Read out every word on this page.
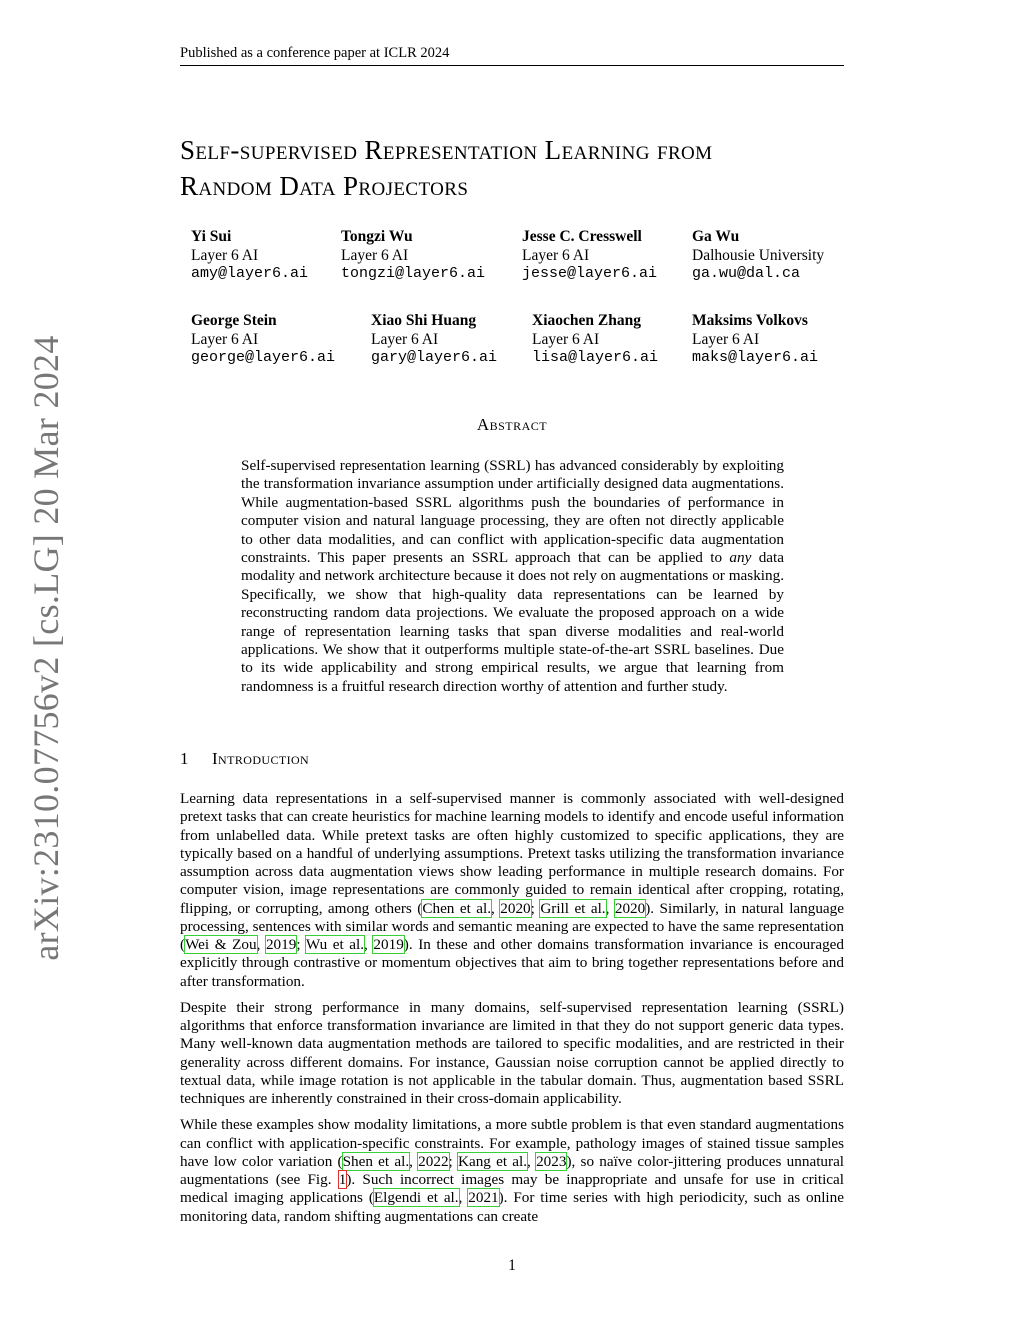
Published as a conference paper at ICLR 2024
Self-supervised Representation Learning from
Random Data Projectors
Yi Sui
Layer 6 AI
amy@layer6.ai
Tongzi Wu
Layer 6 AI
tongzi@layer6.ai
Jesse C. Cresswell
Layer 6 AI
jesse@layer6.ai
Ga Wu
Dalhousie University
ga.wu@dal.ca
George Stein
Layer 6 AI
george@layer6.ai
Xiao Shi Huang
Layer 6 AI
gary@layer6.ai
Xiaochen Zhang
Layer 6 AI
lisa@layer6.ai
Maksims Volkovs
Layer 6 AI
maks@layer6.ai
Abstract

Self-supervised representation learning (SSRL) has advanced considerably by exploiting the transformation invariance assumption under artificially designed data augmentations. While augmentation-based SSRL algorithms push the boundaries of performance in computer vision and natural language processing, they are often not directly applicable to other data modalities, and can conflict with application-specific data augmentation constraints. This paper presents an SSRL approach that can be applied to any data modality and network architecture because it does not rely on augmentations or masking. Specifically, we show that high-quality data representations can be learned by reconstructing random data projections. We evaluate the proposed approach on a wide range of representation learning tasks that span diverse modalities and real-world applications. We show that it outperforms multiple state-of-the-art SSRL baselines. Due to its wide applicability and strong empirical results, we argue that learning from randomness is a fruitful research direction worthy of attention and further study.

1 Introduction

Learning data representations in a self-supervised manner is commonly associated with well-designed pretext tasks that can create heuristics for machine learning models to identify and encode useful information from unlabelled data. While pretext tasks are often highly customized to specific applications, they are typically based on a handful of underlying assumptions. Pretext tasks utilizing the transformation invariance assumption across data augmentation views show leading performance in multiple research domains. For computer vision, image representations are commonly guided to remain identical after cropping, rotating, flipping, or corrupting, among others (Chen et al., 2020; Grill et al., 2020). Similarly, in natural language processing, sentences with similar words and semantic meaning are expected to have the same representation (Wei & Zou, 2019; Wu et al., 2019). In these and other domains transformation invariance is encouraged explicitly through contrastive or momentum objectives that aim to bring together representations before and after transformation.

Despite their strong performance in many domains, self-supervised representation learning (SSRL) algorithms that enforce transformation invariance are limited in that they do not support generic data types. Many well-known data augmentation methods are tailored to specific modalities, and are restricted in their generality across different domains. For instance, Gaussian noise corruption cannot be applied directly to textual data, while image rotation is not applicable in the tabular domain. Thus, augmentation based SSRL techniques are inherently constrained in their cross-domain applicability.

While these examples show modality limitations, a more subtle problem is that even standard augmentations can conflict with application-specific constraints. For example, pathology images of stained tissue samples have low color variation (Shen et al., 2022; Kang et al., 2023), so naïve color-jittering produces unnatural augmentations (see Fig. 1). Such incorrect images may be inappropriate and unsafe for use in critical medical imaging applications (Elgendi et al., 2021). For time series with high periodicity, such as online monitoring data, random shifting augmentations can create

arXiv:2310.07756v2 [cs.LG] 20 Mar 2024
1
